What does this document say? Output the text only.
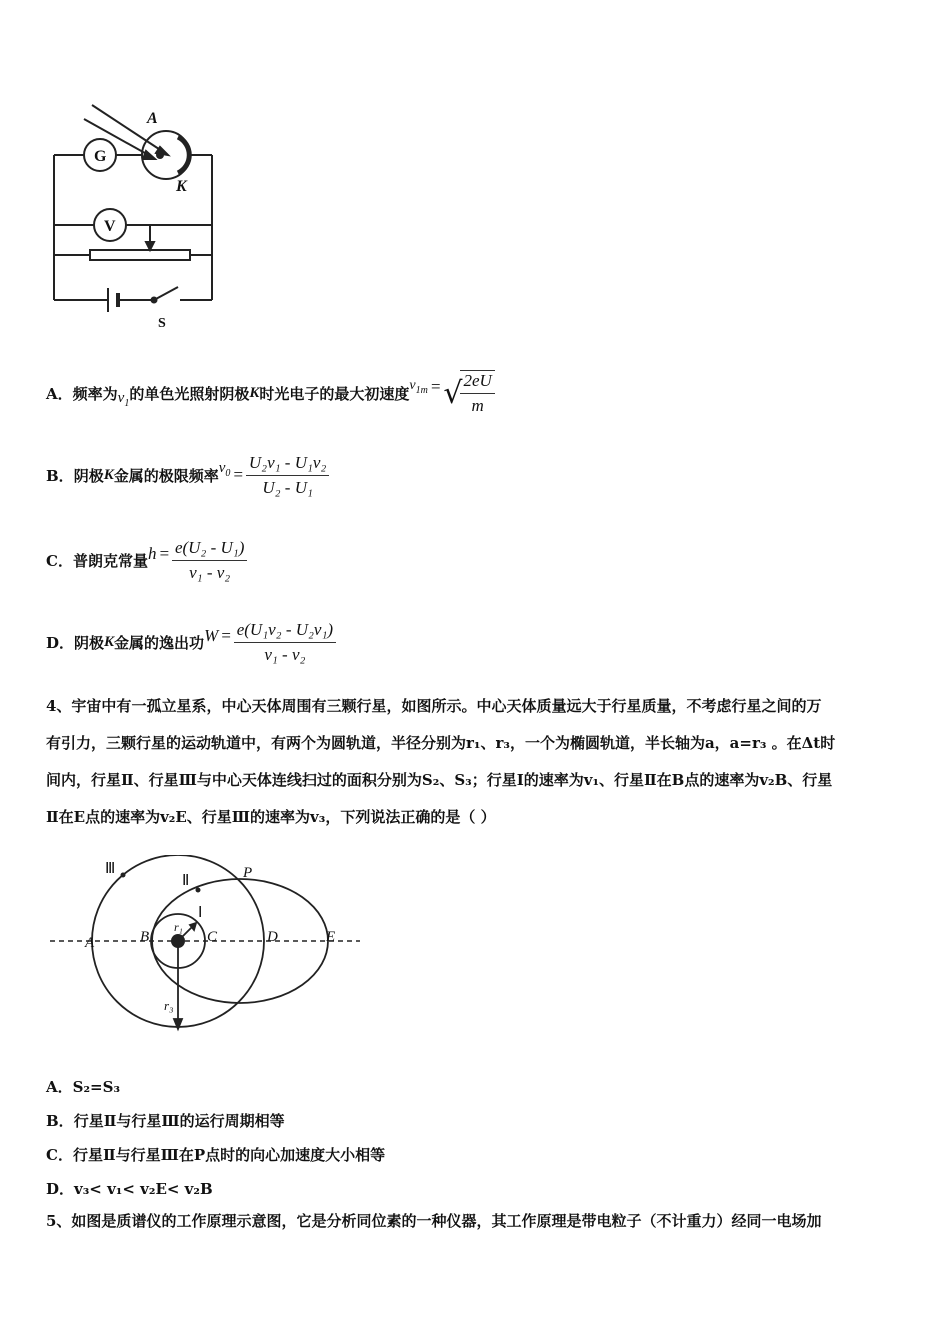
A
K
G
V
S
A． 频率为 $\nu_1$
的单色光照射阴极 K 时光电子的最大初速度 $v_{1m}$ = √
$\frac{2eU}{m}$
B． 阴极 K 金属的极限频率 $\nu_0 = \frac{\text{U₂ν₁ - U₁ν₂}}{\text{U₂ - U₁}}$
C． 普朗克常量 $h = \frac{\text{e(U₂ - U₁)}}{\text{ν₁ - ν₂}}$
D． 阴极 K 金属的逸出功 $W = \frac{\text{e(U₁ν₂ - U₂ν₁)}}{\text{ν₁ - ν₂}}$
4、宇宙中有一孤立星系，中心天体周围有三颗行星，如图所示。中心天体质量远大于行星质量，不考虑行星之间的万
有引力，三颗行星的运动轨道中，有两个为圆轨道，半径分别为r₁、r₃，一个为椭圆轨道，半长轴为a，a=r₃ 。在Δt时
间内，行星Ⅱ、行星Ⅲ与中心天体连线扫过的面积分别为S₂、S₃；行星Ⅰ的速率为v₁、行星Ⅱ在B点的速率为v₂B、行星
Ⅱ在E点的速率为v₂E、行星Ⅲ的速率为v₃，下列说法正确的是（ ）
Ⅲ
Ⅱ
Ⅰ
P
A	B	C	D	E
r₁
r₃
A．S₂=S₃
B．行星Ⅱ与行星Ⅲ的运行周期相等
C．行星Ⅱ与行星Ⅲ在P点时的向心加速度大小相等
D．v₃< v₁< v₂E< v₂B
5、如图是质谱仪的工作原理示意图，它是分析同位素的一种仪器，其工作原理是带电粒子（不计重力）经同一电场加
